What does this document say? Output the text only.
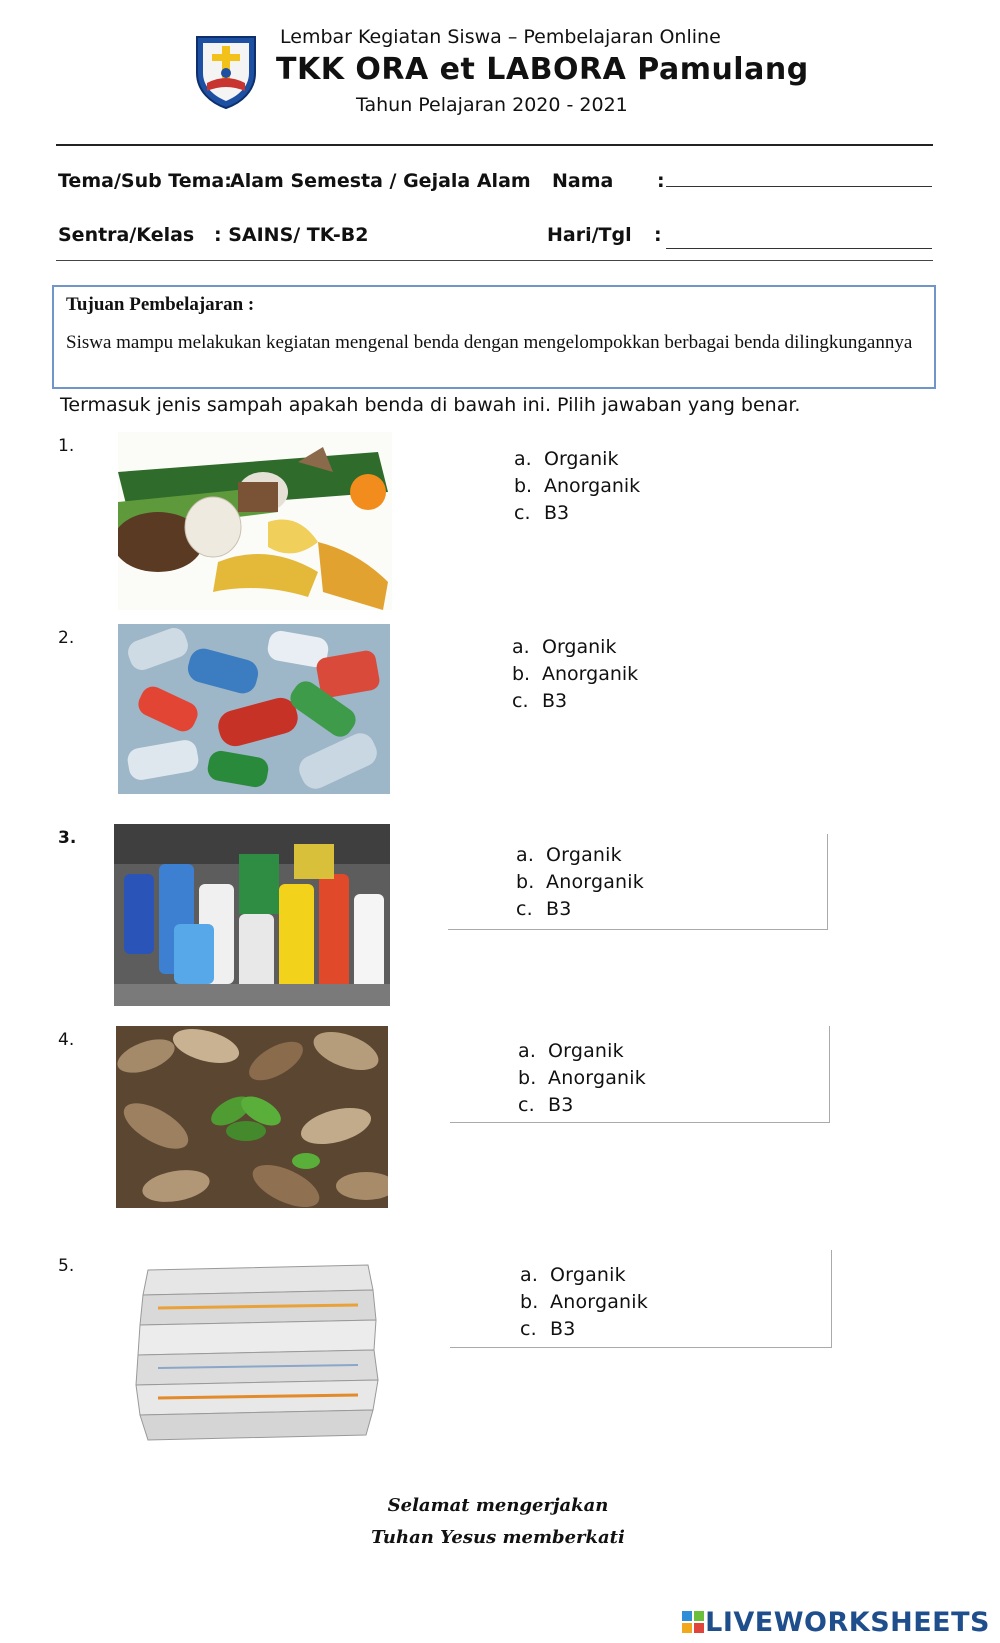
Lembar Kegiatan Siswa – Pembelajaran Online
TKK ORA et LABORA Pamulang
Tahun Pelajaran 2020 - 2021
Tema/Sub Tema:
Alam Semesta / Gejala Alam Nama :
Sentra/Kelas : SAINS/ TK-B2	Hari/Tgl :
Tujuan Pembelajaran :
Siswa mampu melakukan kegiatan mengenal benda dengan mengelompokkan berbagai benda dilingkungannya
Termasuk jenis sampah apakah benda di bawah ini. Pilih jawaban yang benar.
1.
a. Organik
b. Anorganik
c. B3
2.	a. Organik
b. Anorganik
c. B3
3.
a. Organik
b. Anorganik
c. B3
4.	a. Organik
b. Anorganik
c. B3
5.	a. Organik
b. Anorganik
c. B3
Selamat mengerjakan
Tuhan Yesus memberkati
LIVEWORKSHEETS
